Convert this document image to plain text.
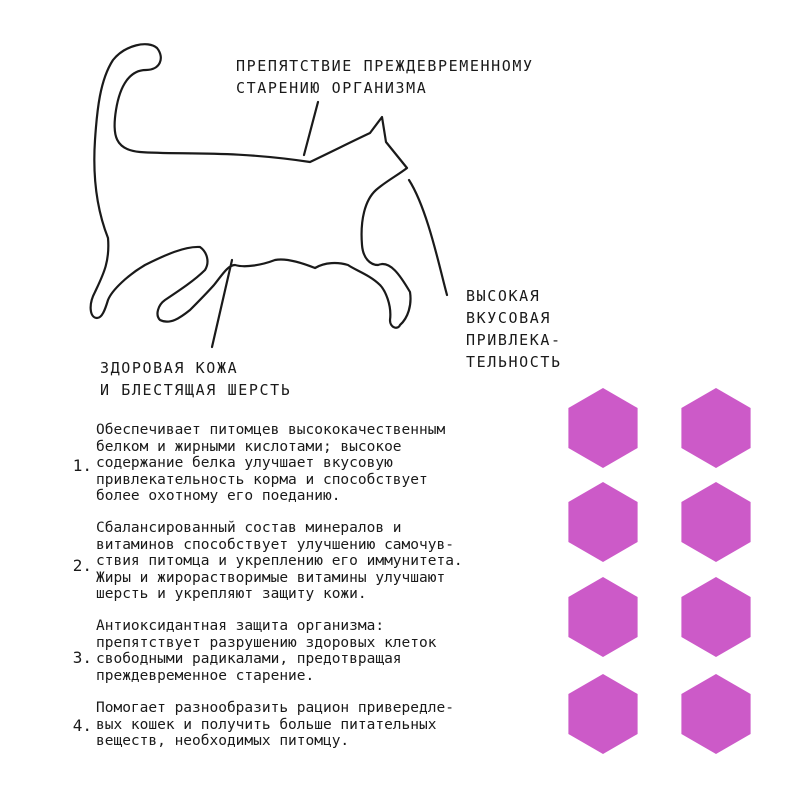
ПРЕПЯТСТВИЕ ПРЕЖДЕВРЕМЕННОМУ
СТАРЕНИЮ ОРГАНИЗМА
ВЫСОКАЯ
ВКУСОВАЯ
ПРИВЛЕКА-
ТЕЛЬНОСТЬ
ЗДОРОВАЯ КОЖА
И БЛЕСТЯЩАЯ ШЕРСТЬ
1.
Обеспечивает питомцев высококачественным
белком и жирными кислотами; высокое
содержание белка улучшает вкусовую
привлекательность корма и способствует
более охотному его поеданию.
2.
Сбалансированный состав минералов и
витаминов способствует улучшению самочув-
ствия питомца и укреплению его иммунитета.
Жиры и жирорастворимые витамины улучшают
шерсть и укрепляют защиту кожи.
3.
Антиоксидантная защита организма:
препятствует разрушению здоровых клеток
свободными радикалами, предотвращая
преждевременное старение.
4.
Помогает разнообразить рацион привередле-
вых кошек и получить больше питательных
веществ, необходимых питомцу.
